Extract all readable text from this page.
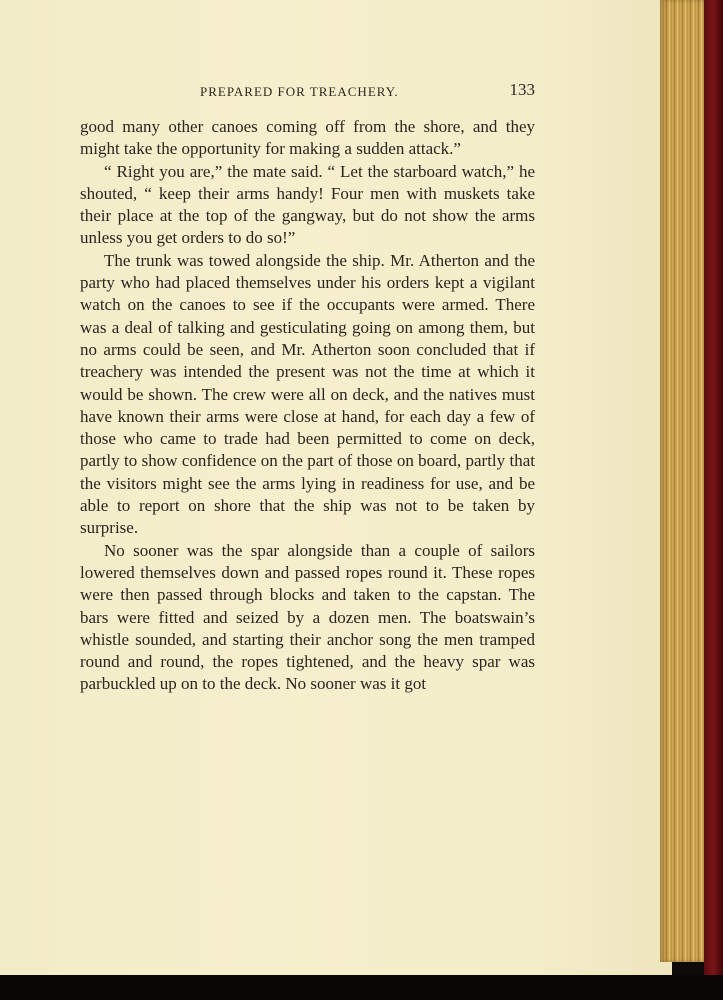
PREPARED FOR TREACHERY.	133

good many other canoes coming off from the shore, and they might take the opportunity for making a sudden attack.”

“ Right you are,” the mate said. “ Let the starboard watch,” he shouted, “ keep their arms handy! Four men with muskets take their place at the top of the gangway, but do not show the arms unless you get orders to do so!”

The trunk was towed alongside the ship. Mr. Atherton and the party who had placed themselves under his orders kept a vigilant watch on the canoes to see if the occupants were armed. There was a deal of talking and gesticulating going on among them, but no arms could be seen, and Mr. Atherton soon concluded that if treachery was intended the present was not the time at which it would be shown. The crew were all on deck, and the natives must have known their arms were close at hand, for each day a few of those who came to trade had been permitted to come on deck, partly to show confidence on the part of those on board, partly that the visitors might see the arms lying in readiness for use, and be able to report on shore that the ship was not to be taken by surprise.

No sooner was the spar alongside than a couple of sailors lowered themselves down and passed ropes round it. These ropes were then passed through blocks and taken to the capstan. The bars were fitted and seized by a dozen men. The boatswain’s whistle sounded, and starting their anchor song the men tramped round and round, the ropes tightened, and the heavy spar was parbuckled up on to the deck. No sooner was it got
